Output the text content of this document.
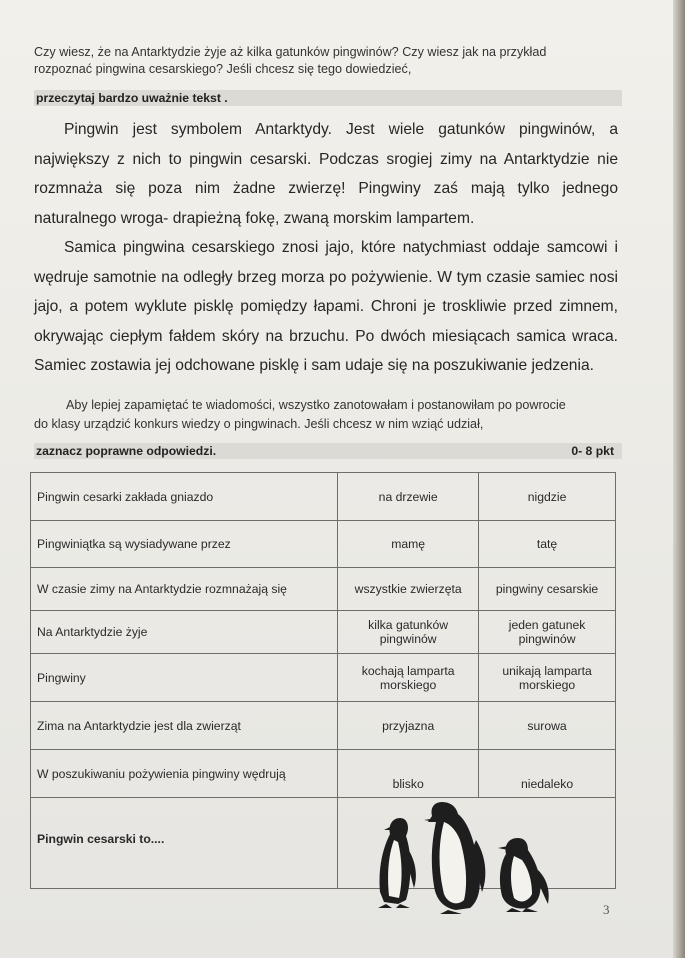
Czy wiesz, że na Antarktydzie żyje aż kilka gatunków pingwinów? Czy wiesz jak na przykład
rozpoznać pingwina cesarskiego? Jeśli chcesz się tego dowiedzieć,
przeczytaj bardzo uważnie tekst .

Pingwin jest symbolem Antarktydy. Jest wiele gatunków pingwinów, a największy z nich to pingwin cesarski. Podczas srogiej zimy na Antarktydzie nie rozmnaża się poza nim żadne zwierzę! Pingwiny zaś mają tylko jednego naturalnego wroga- drapieżną fokę, zwaną morskim lampartem.

Samica pingwina cesarskiego znosi jajo, które natychmiast oddaje samcowi i wędruje samotnie na odległy brzeg morza po pożywienie. W tym czasie samiec nosi jajo, a potem wyklute pisklę pomiędzy łapami. Chroni je troskliwie przed zimnem, okrywając ciepłym fałdem skóry na brzuchu. Po dwóch miesiącach samica wraca. Samiec zostawia jej odchowane pisklę i sam udaje się na poszukiwanie jedzenia.

Aby lepiej zapamiętać te wiadomości, wszystko zanotowałam i postanowiłam po powrocie
do klasy urządzić konkurs wiedzy o pingwinach. Jeśli chcesz w nim wziąć udział,
zaznacz poprawne odpowiedzi.	0- 8 pkt
Pingwin cesarki zakłada gniazdo	na drzewie	nigdzie
Pingwiniątka są wysiadywane przez	mamę	tatę
W czasie zimy na Antarktydzie rozmnażają się	wszystkie zwierzęta	pingwiny cesarskie
Na Antarktydzie żyje	kilka gatunków pingwinów	jeden gatunek pingwinów
Pingwiny	kochają lamparta morskiego	unikają lamparta morskiego
Zima na Antarktydzie jest dla zwierząt	przyjazna	surowa
W poszukiwaniu pożywienia pingwiny wędrują	blisko	niedaleko
Pingwin cesarski to....		
3
